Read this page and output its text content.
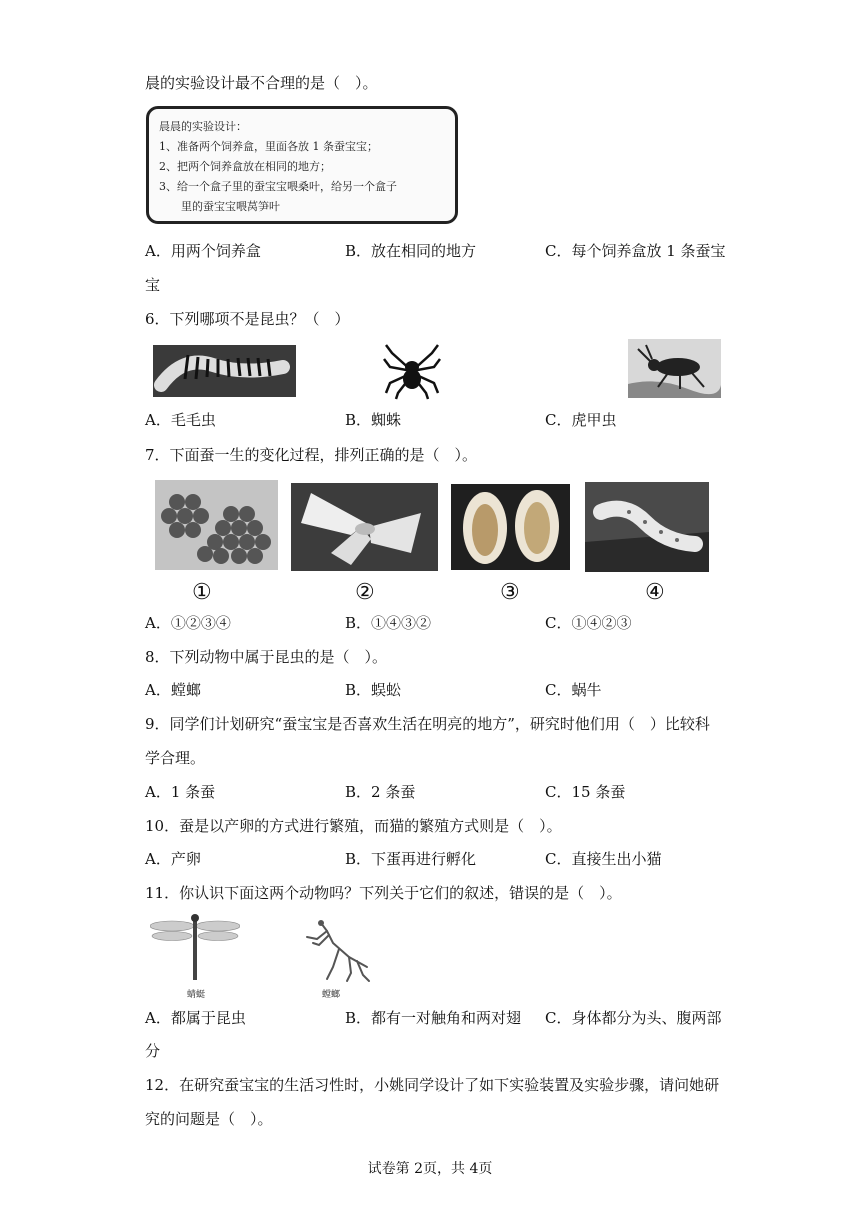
晨的实验设计最不合理的是（　）。
晨晨的实验设计：
1、准备两个饲养盒，里面各放 1 条蚕宝宝；
2、把两个饲养盒放在相同的地方；
3、给一个盒子里的蚕宝宝喂桑叶，给另一个盒子
里的蚕宝宝喂莴笋叶
A．用两个饲养盒	B．放在相同的地方	C．每个饲养盒放 1 条蚕宝
宝
6．下列哪项不是昆虫？（　）
A．毛毛虫	B．蜘蛛	C．虎甲虫
7．下面蚕一生的变化过程，排列正确的是（　）。
①	②	③	④
A．①②③④	B．①④③②	C．①④②③
8．下列动物中属于昆虫的是（　）。
A．螳螂	B．蜈蚣	C．蜗牛
9．同学们计划研究“蚕宝宝是否喜欢生活在明亮的地方”，研究时他们用（　）比较科
学合理。
A．1 条蚕	B．2 条蚕	C．15 条蚕
10．蚕是以产卵的方式进行繁殖，而猫的繁殖方式则是（　）。
A．产卵	B．下蛋再进行孵化	C．直接生出小猫
11．你认识下面这两个动物吗？下列关于它们的叙述，错误的是（　）。
蜻蜓	螳螂
A．都属于昆虫	B．都有一对触角和两对翅 C．身体都分为头、腹两部
分
12．在研究蚕宝宝的生活习性时，小姚同学设计了如下实验装置及实验步骤，请问她研
究的问题是（　）。
试卷第 2页，共 4页
